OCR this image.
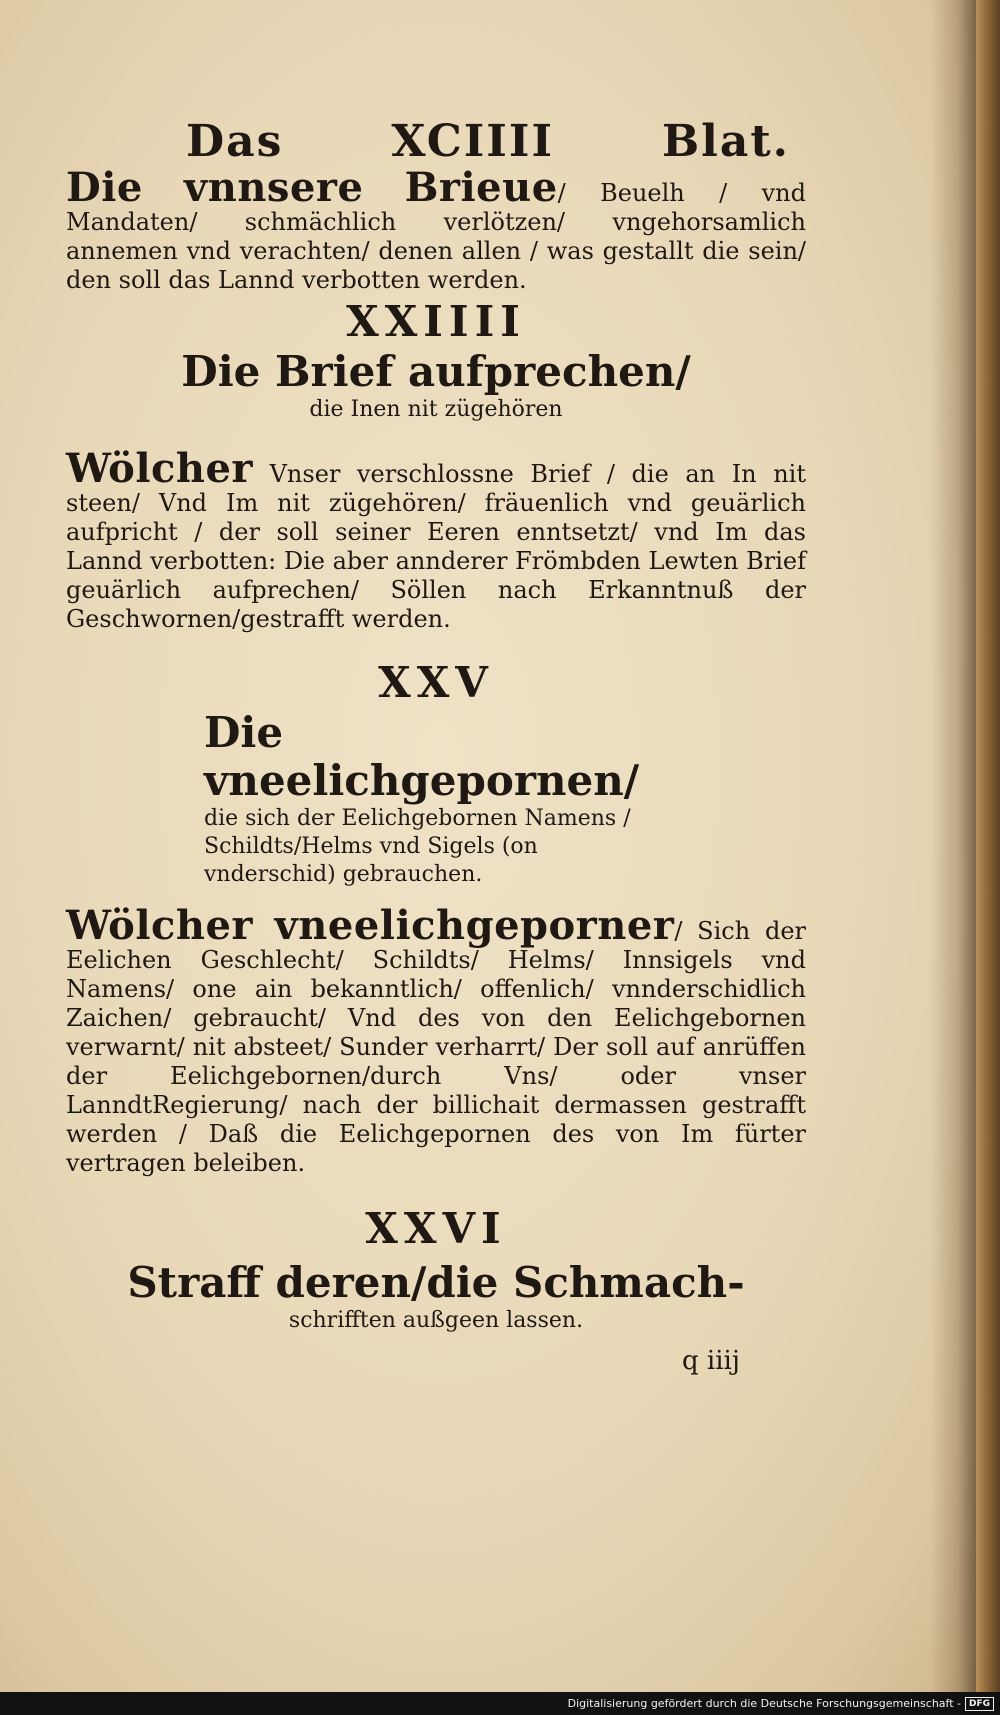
Das XCIIII Blat.

Die vnnsere Brieue/ Beuelh / vnd Mandaten/ schmächlich verlötzen/ vngehorsamlich annemen vnd verachten/ denen allen / was gestallt die sein/ den soll das Lannd verbotten werden.

XXIIII
Die Brief aufprechen/
die Inen nit zügehören

Wölcher Vnser verschlossne Brief / die an In nit steen/ Vnd Im nit zügehören/ fräuenlich vnd geuärlich aufpricht / der soll seiner Eeren enntsetzt/ vnd Im das Lannd verbotten: Die aber annderer Frömbden Lewten Brief geuärlich aufprechen/ Söllen nach Erkanntnuß der Geschwornen/gestrafft werden.

XXV
Die vneelichgepornen/
die sich der Eelichgebornen Namens / Schildts/Helms vnd Sigels (on vnderschid) gebrauchen.

Wölcher vneelichgeporner/ Sich der Eelichen Geschlecht/ Schildts/ Helms/ Innsigels vnd Namens/ one ain bekanntlich/ offenlich/ vnnderschidlich Zaichen/ gebraucht/ Vnd des von den Eelichgebornen verwarnt/ nit absteet/ Sunder verharrt/ Der soll auf anrüffen der Eelichgebornen/durch Vns/ oder vnser LanndtRegierung/ nach der billichait dermassen gestrafft werden / Daß die Eelichgepornen des von Im fürter vertragen beleiben.

XXVI
Straff deren/die Schmach-
schrifften außgeen lassen.
q iiij
Digitalisierung gefördert durch die Deutsche Forschungsgemeinschaft - DFG
